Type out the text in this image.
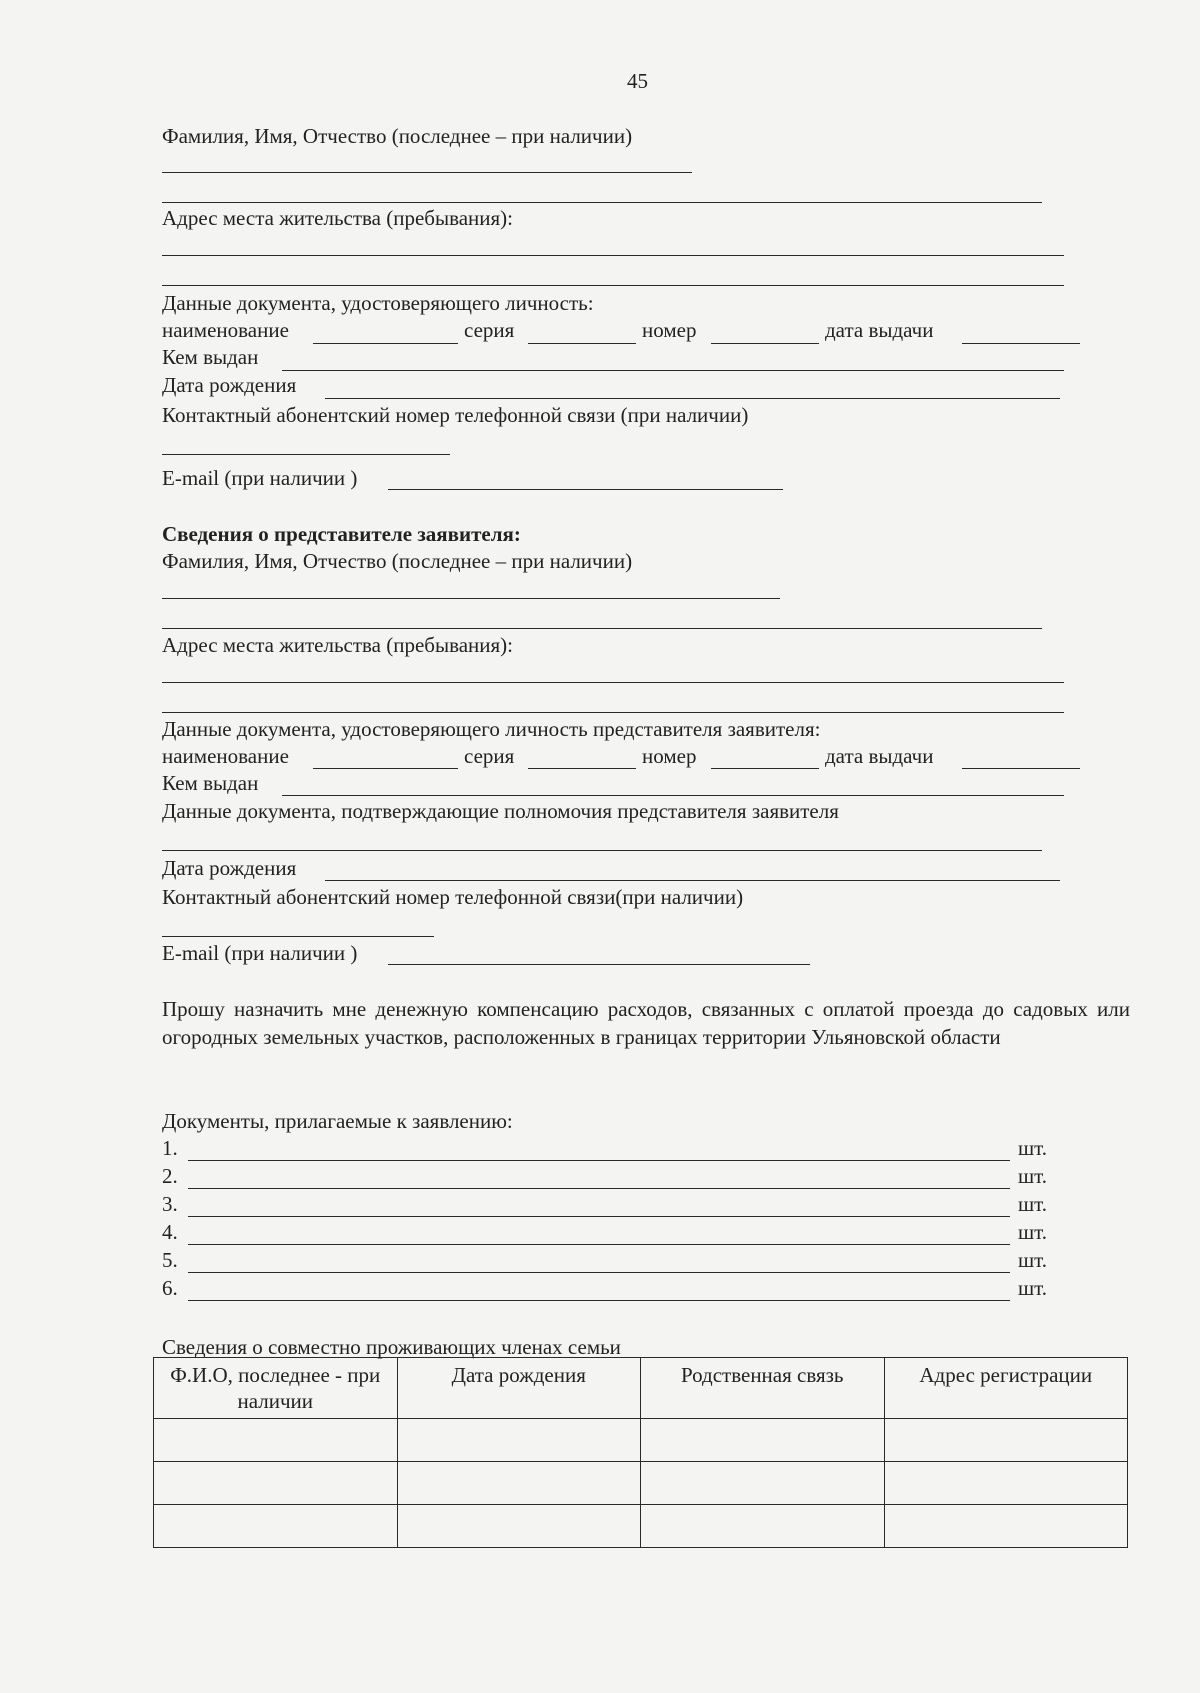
45
Фамилия, Имя, Отчество (последнее – при наличии)
Адрес места жительства (пребывания):
Данные документа, удостоверяющего личность:
наименование	серия	номер	дата выдачи
Кем выдан
Дата рождения
Контактный абонентский номер телефонной связи (при наличии)
E-mail (при наличии )
Сведения о представителе заявителя:
Фамилия, Имя, Отчество (последнее – при наличии)
Адрес места жительства (пребывания):
Данные документа, удостоверяющего личность представителя заявителя:
наименование	серия	номер	дата выдачи
Кем выдан
Данные документа, подтверждающие полномочия представителя заявителя
Дата рождения
Контактный абонентский номер телефонной связи(при наличии)
E-mail (при наличии )
Прошу назначить мне денежную компенсацию расходов, связанных с оплатой проезда до садовых или огородных земельных участков, расположенных в границах территории Ульяновской области
Документы, прилагаемые к заявлению:
1.	шт.
2.	шт.
3.	шт.
4.	шт.
5.	шт.
6.	шт.
Сведения о совместно проживающих членах семьи
Ф.И.О, последнее - при наличии	Дата рождения	Родственная связь	Адрес регистрации
